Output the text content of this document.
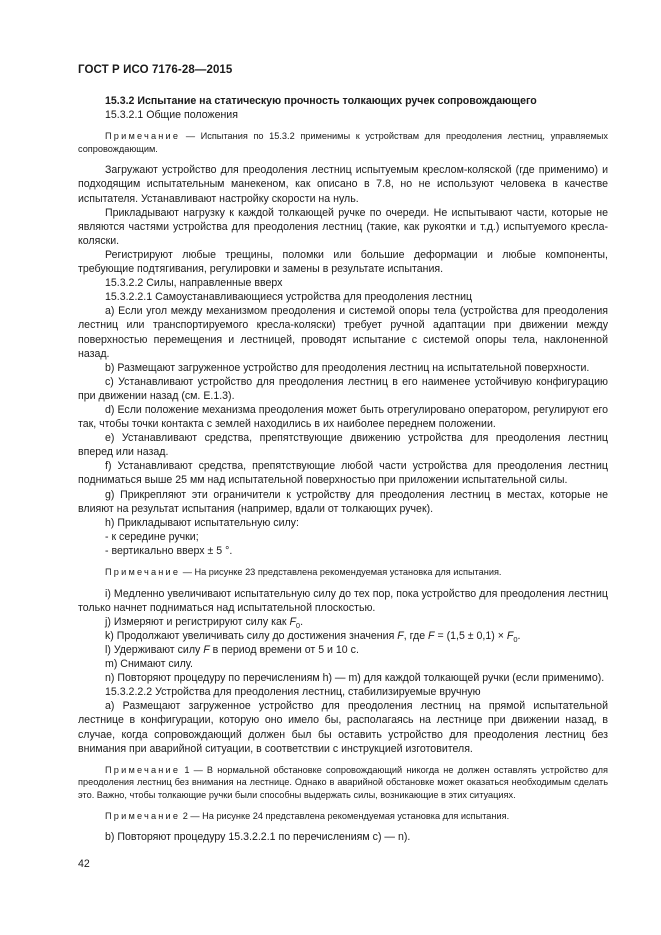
ГОСТ Р ИСО 7176-28—2015

15.3.2 Испытание на статическую прочность толкающих ручек сопровождающего

15.3.2.1 Общие положения

Примечание — Испытания по 15.3.2 применимы к устройствам для преодоления лестниц, управляемых сопровождающим.

Загружают устройство для преодоления лестниц испытуемым креслом-коляской (где применимо) и подходящим испытательным манекеном, как описано в 7.8, но не используют человека в качестве испытателя. Устанавливают настройку скорости на нуль.

Прикладывают нагрузку к каждой толкающей ручке по очереди. Не испытывают части, которые не являются частями устройства для преодоления лестниц (такие, как рукоятки и т.д.) испытуемого кресла-коляски.

Регистрируют любые трещины, поломки или большие деформации и любые компоненты, требующие подтягивания, регулировки и замены в результате испытания.

15.3.2.2 Силы, направленные вверх

15.3.2.2.1 Самоустанавливающиеся устройства для преодоления лестниц

а) Если угол между механизмом преодоления и системой опоры тела (устройства для преодоления лестниц или транспортируемого кресла-коляски) требует ручной адаптации при движении между поверхностью перемещения и лестницей, проводят испытание с системой опоры тела, наклоненной назад.

b) Размещают загруженное устройство для преодоления лестниц на испытательной поверхности.

с) Устанавливают устройство для преодоления лестниц в его наименее устойчивую конфигурацию при движении назад (см. Е.1.3).

d) Если положение механизма преодоления может быть отрегулировано оператором, регулируют его так, чтобы точки контакта с землей находились в их наиболее переднем положении.

е) Устанавливают средства, препятствующие движению устройства для преодоления лестниц вперед или назад.

f) Устанавливают средства, препятствующие любой части устройства для преодоления лестниц подниматься выше 25 мм над испытательной поверхностью при приложении испытательной силы.

g) Прикрепляют эти ограничители к устройству для преодоления лестниц в местах, которые не влияют на результат испытания (например, вдали от толкающих ручек).

h) Прикладывают испытательную силу:

- к середине ручки;

- вертикально вверх ± 5 °.

Примечание — На рисунке 23 представлена рекомендуемая установка для испытания.

i) Медленно увеличивают испытательную силу до тех пор, пока устройство для преодоления лестниц только начнет подниматься над испытательной плоскостью.

j) Измеряют и регистрируют силу как $F_0$.

k) Продолжают увеличивать силу до достижения значения F, где $F = (1,5 \pm 0,1) \times F_0$.

l) Удерживают силу F в период времени от 5 и 10 с.

m) Снимают силу.

n) Повторяют процедуру по перечислениям h) — m) для каждой толкающей ручки (если применимо).

15.3.2.2.2 Устройства для преодоления лестниц, стабилизируемые вручную

а) Размещают загруженное устройство для преодоления лестниц на прямой испытательной лестнице в конфигурации, которую оно имело бы, располагаясь на лестнице при движении назад, в случае, когда сопровождающий должен был бы оставить устройство для преодоления лестниц без внимания при аварийной ситуации, в соответствии с инструкцией изготовителя.

Примечание 1 — В нормальной обстановке сопровождающий никогда не должен оставлять устройство для преодоления лестниц без внимания на лестнице. Однако в аварийной обстановке может оказаться необходимым сделать это. Важно, чтобы толкающие ручки были способны выдержать силы, возникающие в этих ситуациях.

Примечание 2 — На рисунке 24 представлена рекомендуемая установка для испытания.

b) Повторяют процедуру 15.3.2.2.1 по перечислениям с) — n).

42
